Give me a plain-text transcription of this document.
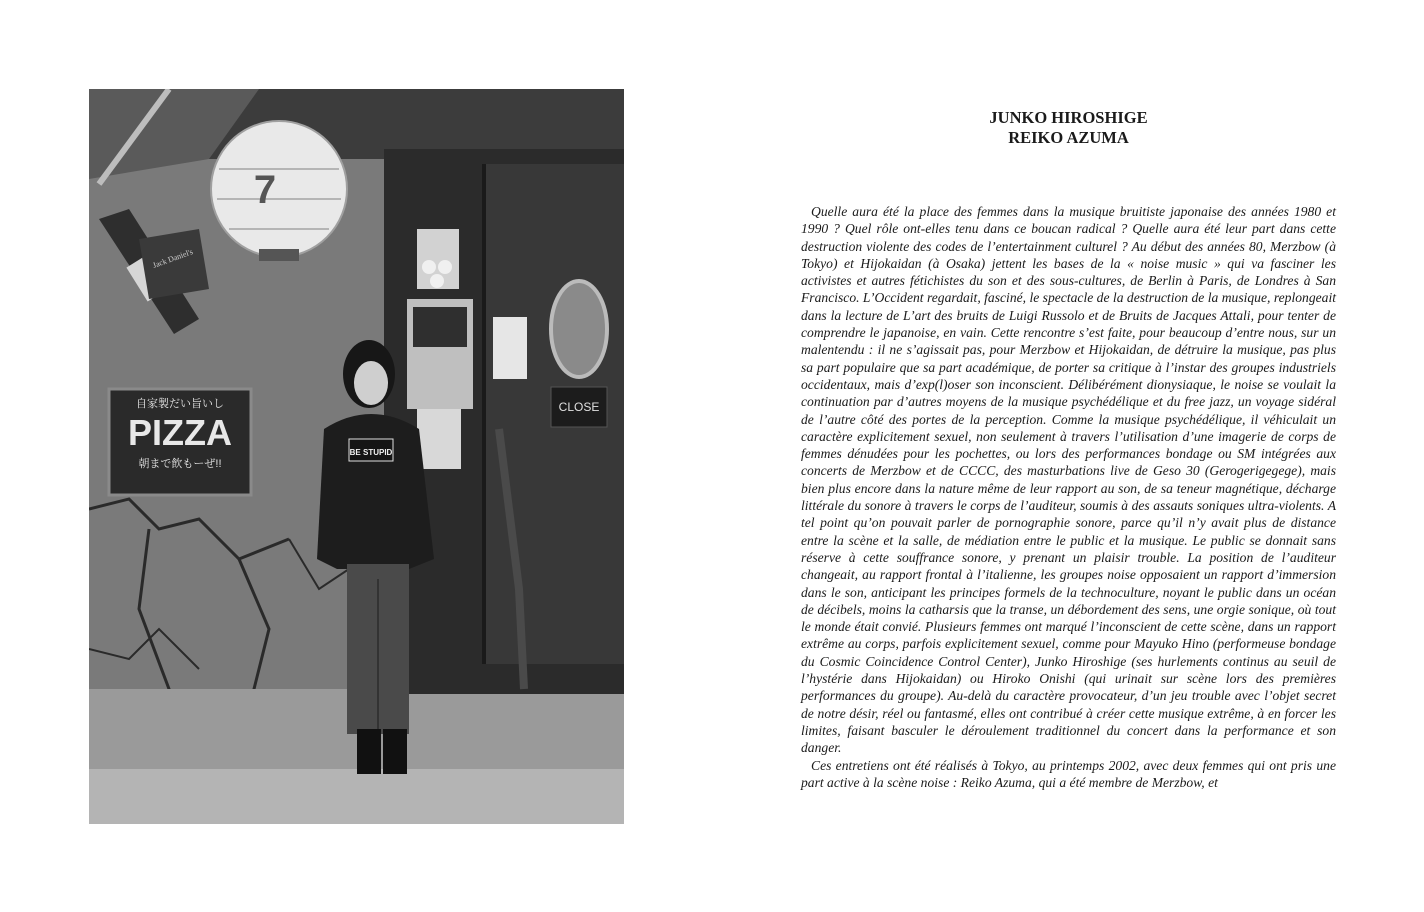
JUNKO HIROSHIGE
REIKO AZUMA

Quelle aura été la place des femmes dans la musique bruitiste japonaise des années 1980 et 1990 ? Quel rôle ont-elles tenu dans ce boucan radical ? Quelle aura été leur part dans cette destruction violente des codes de l’entertainment culturel ? Au début des années 80, Merzbow (à Tokyo) et Hijokaidan (à Osaka) jettent les bases de la « noise music » qui va fasciner les activistes et autres fétichistes du son et des sous-cultures, de Berlin à Paris, de Londres à San Francisco. L’Occident regardait, fasciné, le spectacle de la destruction de la musique, replongeait dans la lecture de L’art des bruits de Luigi Russolo et de Bruits de Jacques Attali, pour tenter de comprendre le japanoise, en vain. Cette rencontre s’est faite, pour beaucoup d’entre nous, sur un malentendu : il ne s’agissait pas, pour Merzbow et Hijokaidan, de détruire la musique, pas plus sa part populaire que sa part académique, de porter sa critique à l’instar des groupes industriels occidentaux, mais d’exp(l)oser son inconscient. Délibérément dionysiaque, le noise se voulait la continuation par d’autres moyens de la musique psychédélique et du free jazz, un voyage sidéral de l’autre côté des portes de la perception. Comme la musique psychédélique, il véhiculait un caractère explicitement sexuel, non seulement à travers l’utilisation d’une imagerie de corps de femmes dénudées pour les pochettes, ou lors des performances bondage ou SM intégrées aux concerts de Merzbow et de CCCC, des masturbations live de Geso 30 (Gerogerigegege), mais bien plus encore dans la nature même de leur rapport au son, de sa teneur magnétique, décharge littérale du sonore à travers le corps de l’auditeur, soumis à des assauts soniques ultra-violents. A tel point qu’on pouvait parler de pornographie sonore, parce qu’il n’y avait plus de distance entre la scène et la salle, de médiation entre le public et la musique. Le public se donnait sans réserve à cette souffrance sonore, y prenant un plaisir trouble. La position de l’auditeur changeait, au rapport frontal à l’italienne, les groupes noise opposaient un rapport d’immersion dans le son, anticipant les principes formels de la technoculture, noyant le public dans un océan de décibels, moins la catharsis que la transe, un débordement des sens, une orgie sonique, où tout le monde était convié. Plusieurs femmes ont marqué l’inconscient de cette scène, dans un rapport extrême au corps, parfois explicitement sexuel, comme pour Mayuko Hino (performeuse bondage du Cosmic Coincidence Control Center), Junko Hiroshige (ses hurlements continus au seuil de l’hystérie dans Hijokaidan) ou Hiroko Onishi (qui urinait sur scène lors des premières performances du groupe). Au-delà du caractère provocateur, d’un jeu trouble avec l’objet secret de notre désir, réel ou fantasmé, elles ont contribué à créer cette musique extrême, à en forcer les limites, faisant basculer le déroulement traditionnel du concert dans la performance et son danger.

Ces entretiens ont été réalisés à Tokyo, au printemps 2002, avec deux femmes qui ont pris une part active à la scène noise : Reiko Azuma, qui a été membre de Merzbow, et

自家製だい旨いし
PIZZA
朝まで飲もーぜ!!
BE STUPID
CLOSE
7
Jack Daniel's
